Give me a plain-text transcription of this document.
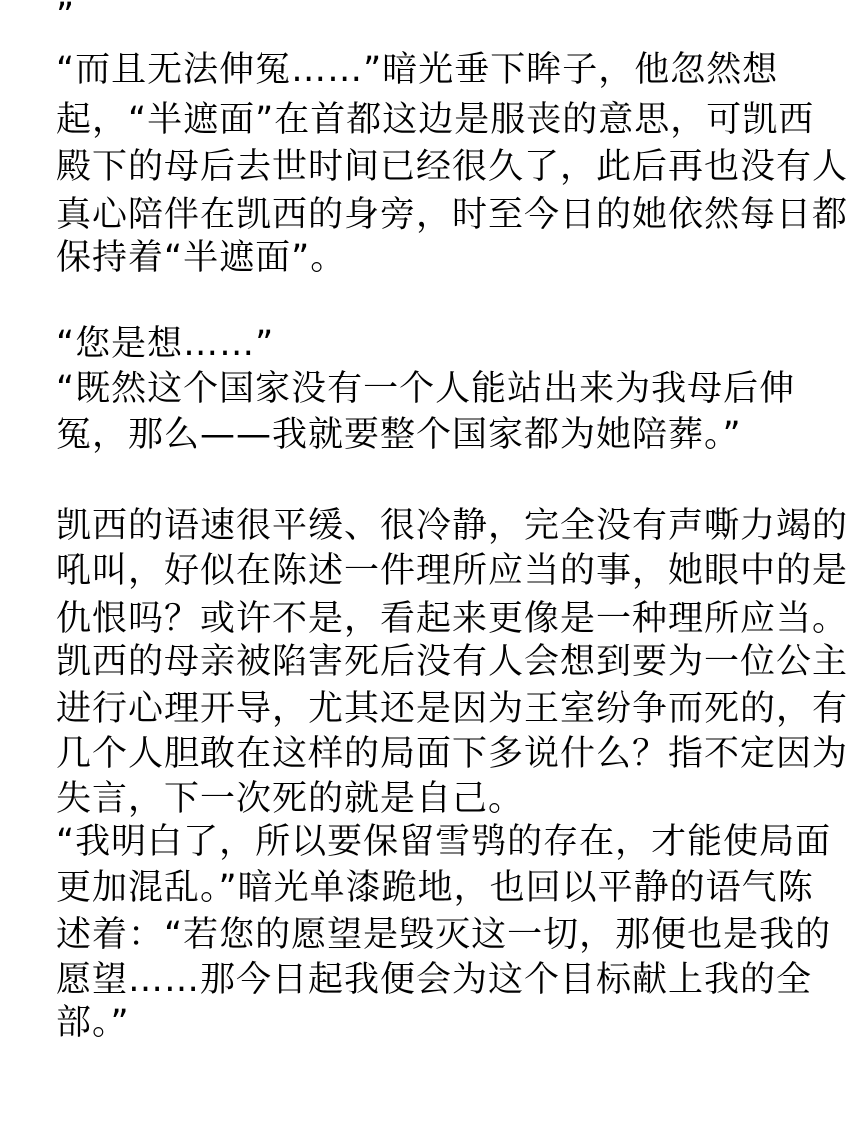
”
“而且无法伸冤……”暗光垂下眸子，他忽然想
起，“半遮面”在首都这边是服丧的意思，可凯西
殿下的母后去世时间已经很久了，此后再也没有人
真心陪伴在凯西的身旁，时至今日的她依然每日都
保持着“半遮面”。
“您是想……”
“既然这个国家没有一个人能站出来为我母后伸
冤，那么——我就要整个国家都为她陪葬。”
凯西的语速很平缓、很冷静，完全没有声嘶力竭的
吼叫，好似在陈述一件理所应当的事，她眼中的是
仇恨吗？或许不是，看起来更像是一种理所应当。
凯西的母亲被陷害死后没有人会想到要为一位公主
进行心理开导，尤其还是因为王室纷争而死的，有
几个人胆敢在这样的局面下多说什么？指不定因为
失言，下一次死的就是自己。
“我明白了，所以要保留雪鸮的存在，才能使局面
更加混乱。”暗光单漆跪地，也回以平静的语气陈
述着：“若您的愿望是毁灭这一切，那便也是我的
愿望……那今日起我便会为这个目标献上我的全
部。”
